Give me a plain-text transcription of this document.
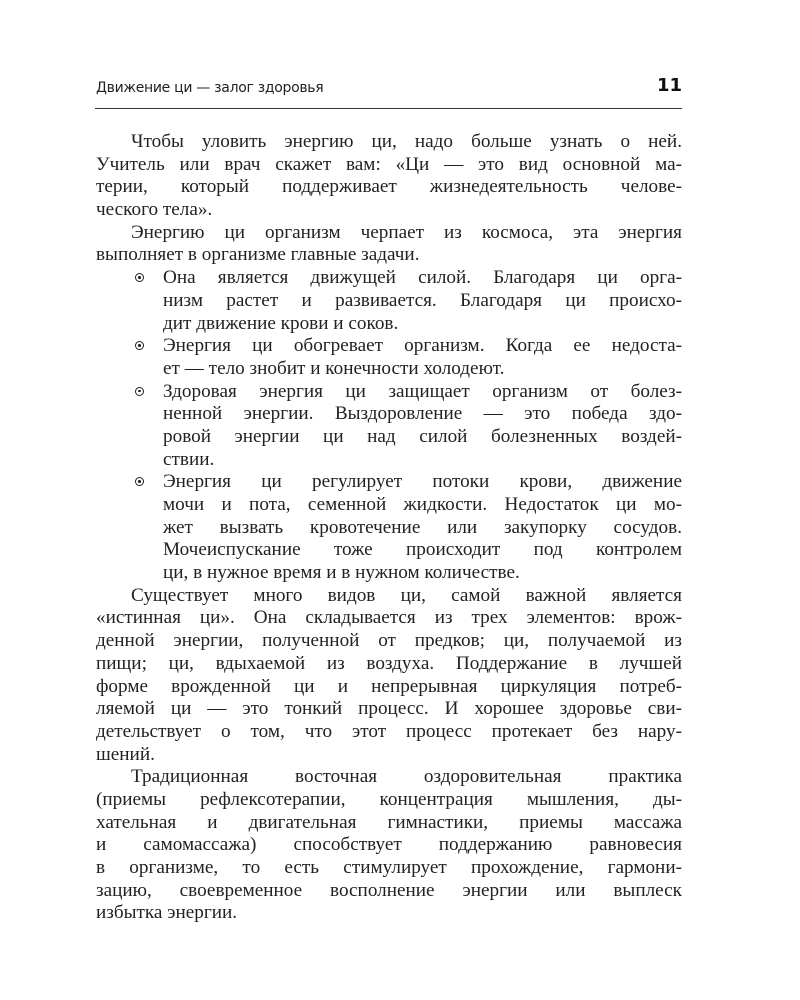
Движение ци — залог здоровья	11
Чтобы уловить энергию ци, надо больше узнать о ней.
Учитель или врач скажет вам: «Ци — это вид основной ма-
терии, который поддерживает жизнедеятельность челове-
ческого тела».
Энергию ци организм черпает из космоса, эта энергия
выполняет в организме главные задачи.
Она является движущей силой. Благодаря ци орга-
низм растет и развивается. Благодаря ци происхо-
дит движение крови и соков.
Энергия ци обогревает организм. Когда ее недоста-
ет — тело знобит и конечности холодеют.
Здоровая энергия ци защищает организм от болез-
ненной энергии. Выздоровление — это победа здо-
ровой энергии ци над силой болезненных воздей-
ствии.
Энергия ци регулирует потоки крови, движение
мочи и пота, семенной жидкости. Недостаток ци мо-
жет вызвать кровотечение или закупорку сосудов.
Мочеиспускание тоже происходит под контролем
ци, в нужное время и в нужном количестве.
Существует много видов ци, самой важной является
«истинная ци». Она складывается из трех элементов: врож-
денной энергии, полученной от предков; ци, получаемой из
пищи; ци, вдыхаемой из воздуха. Поддержание в лучшей
форме врожденной ци и непрерывная циркуляция потреб-
ляемой ци — это тонкий процесс. И хорошее здоровье сви-
детельствует о том, что этот процесс протекает без нару-
шений.
Традиционная восточная оздоровительная практика
(приемы рефлексотерапии, концентрация мышления, ды-
хательная и двигательная гимнастики, приемы массажа
и самомассажа) способствует поддержанию равновесия
в организме, то есть стимулирует прохождение, гармони-
зацию, своевременное восполнение энергии или выплеск
избытка энергии.
